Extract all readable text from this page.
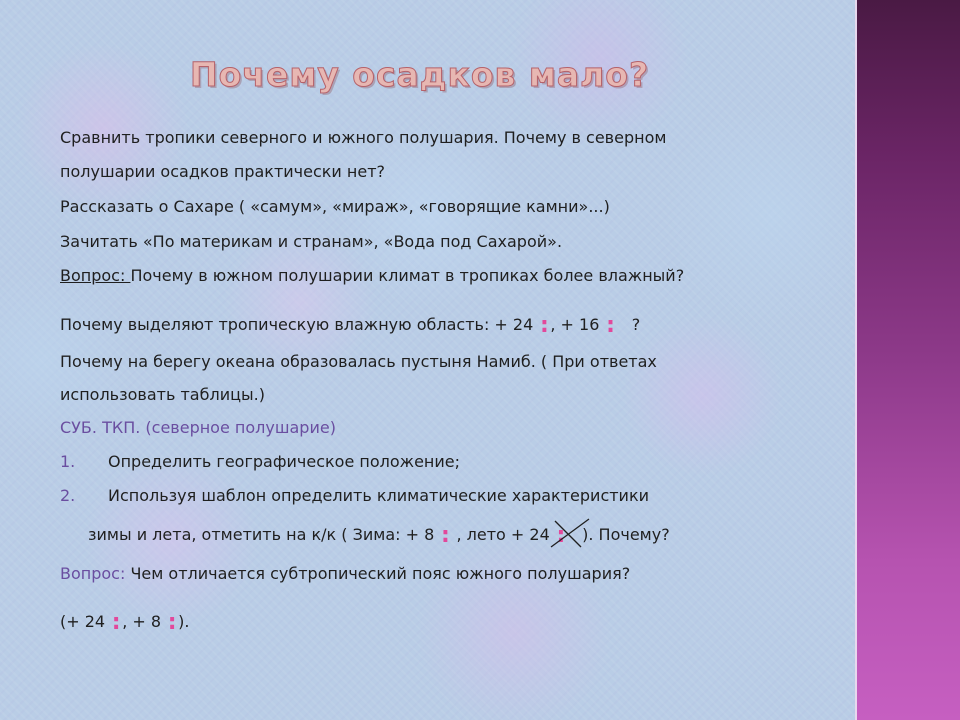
Почему осадков мало?
Сравнить тропики северного и южного полушария. Почему в северном
полушарии осадков практически нет?
Рассказать о Сахаре ( «самум», «мираж», «говорящие камни»...)
Зачитать «По материкам и странам», «Вода под Сахарой».
Вопрос: Почему в южном полушарии климат в тропиках более влажный?
Почему выделяют тропическую влажную область: + 24 :, + 16 : ?
Почему на берегу океана образовалась пустыня Намиб. ( При ответах
использовать таблицы.)
СУБ. ТКП. (северное полушарие)
1. Определить географическое положение;
2. Используя шаблон определить климатические характеристики
зимы и лета, отметить на к/к ( Зима: + 8 : , лето + 24 : ). Почему?
Вопрос: Чем отличается субтропический пояс южного полушария?
(+ 24 :, + 8 :).
